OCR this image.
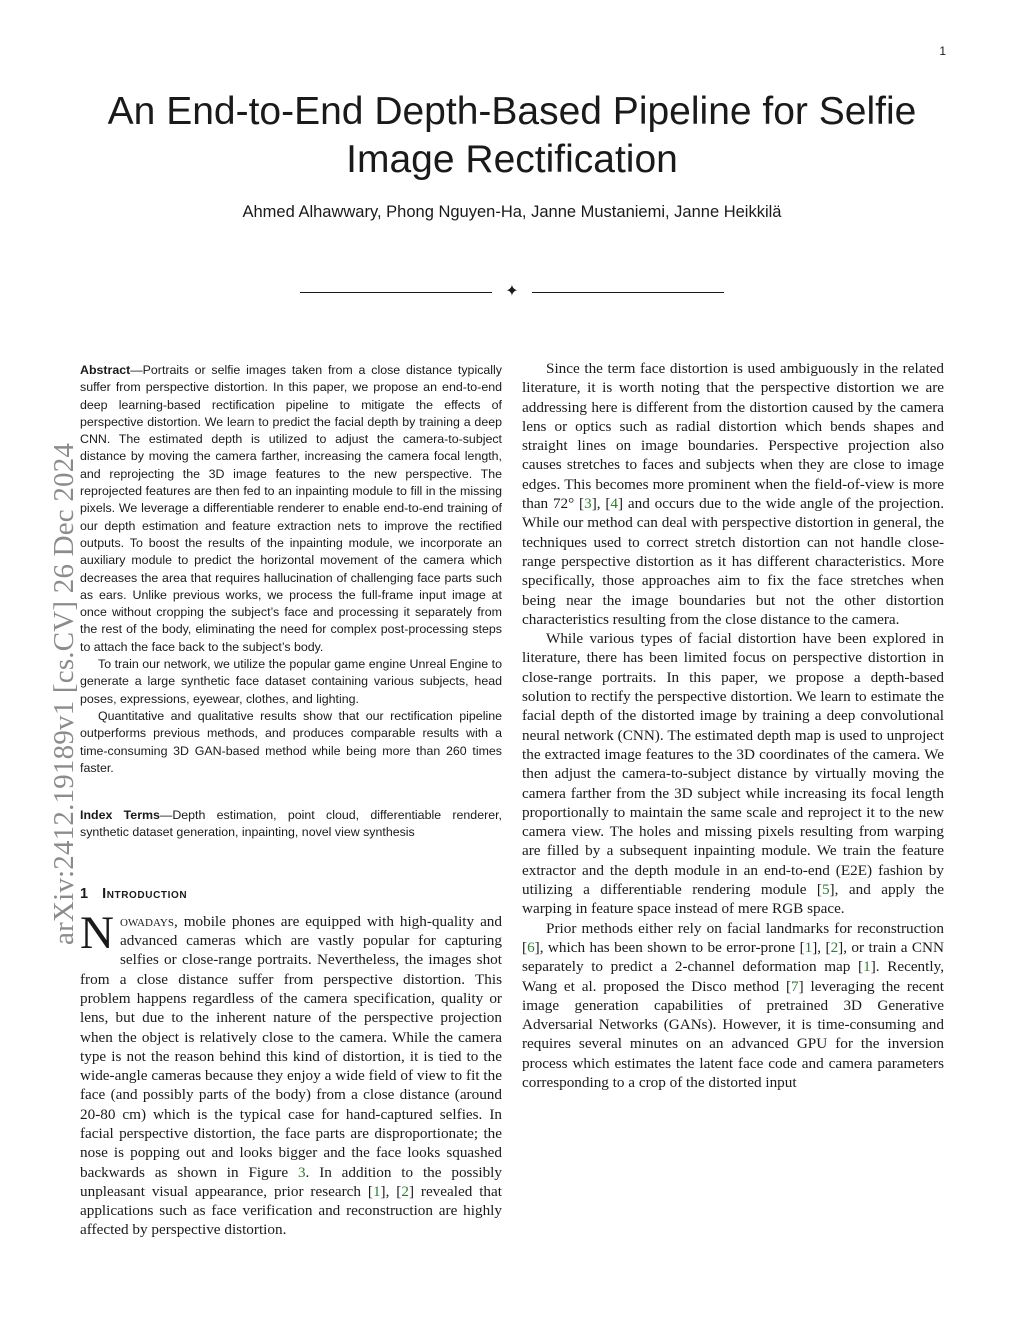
1
arXiv:2412.19189v1 [cs.CV] 26 Dec 2024
An End-to-End Depth-Based Pipeline for Selfie Image Rectification
Ahmed Alhawwary, Phong Nguyen-Ha, Janne Mustaniemi, Janne Heikkilä
✦

Abstract—Portraits or selfie images taken from a close distance typically suffer from perspective distortion. In this paper, we propose an end-to-end deep learning-based rectification pipeline to mitigate the effects of perspective distortion. We learn to predict the facial depth by training a deep CNN. The estimated depth is utilized to adjust the camera-to-subject distance by moving the camera farther, increasing the camera focal length, and reprojecting the 3D image features to the new perspective. The reprojected features are then fed to an inpainting module to fill in the missing pixels. We leverage a differentiable renderer to enable end-to-end training of our depth estimation and feature extraction nets to improve the rectified outputs. To boost the results of the inpainting module, we incorporate an auxiliary module to predict the horizontal movement of the camera which decreases the area that requires hallucination of challenging face parts such as ears. Unlike previous works, we process the full-frame input image at once without cropping the subject’s face and processing it separately from the rest of the body, eliminating the need for complex post-processing steps to attach the face back to the subject’s body.

To train our network, we utilize the popular game engine Unreal Engine to generate a large synthetic face dataset containing various subjects, head poses, expressions, eyewear, clothes, and lighting.

Quantitative and qualitative results show that our rectification pipeline outperforms previous methods, and produces comparable results with a time-consuming 3D GAN-based method while being more than 260 times faster.

Index Terms—Depth estimation, point cloud, differentiable renderer, synthetic dataset generation, inpainting, novel view synthesis

1 Introduction

Nowadays, mobile phones are equipped with high-quality and advanced cameras which are vastly popular for capturing selfies or close-range portraits. Nevertheless, the images shot from a close distance suffer from perspective distortion. This problem happens regardless of the camera specification, quality or lens, but due to the inherent nature of the perspective projection when the object is relatively close to the camera. While the camera type is not the reason behind this kind of distortion, it is tied to the wide-angle cameras because they enjoy a wide field of view to fit the face (and possibly parts of the body) from a close distance (around 20-80 cm) which is the typical case for hand-captured selfies. In facial perspective distortion, the face parts are disproportionate; the nose is popping out and looks bigger and the face looks squashed backwards as shown in Figure 3. In addition to the possibly unpleasant visual appearance, prior research [1], [2] revealed that applications such as face verification and reconstruction are highly affected by perspective distortion.

Since the term face distortion is used ambiguously in the related literature, it is worth noting that the perspective distortion we are addressing here is different from the distortion caused by the camera lens or optics such as radial distortion which bends shapes and straight lines on image boundaries. Perspective projection also causes stretches to faces and subjects when they are close to image edges. This becomes more prominent when the field-of-view is more than 72° [3], [4] and occurs due to the wide angle of the projection. While our method can deal with perspective distortion in general, the techniques used to correct stretch distortion can not handle close-range perspective distortion as it has different characteristics. More specifically, those approaches aim to fix the face stretches when being near the image boundaries but not the other distortion characteristics resulting from the close distance to the camera.

While various types of facial distortion have been explored in literature, there has been limited focus on perspective distortion in close-range portraits. In this paper, we propose a depth-based solution to rectify the perspective distortion. We learn to estimate the facial depth of the distorted image by training a deep convolutional neural network (CNN). The estimated depth map is used to unproject the extracted image features to the 3D coordinates of the camera. We then adjust the camera-to-subject distance by virtually moving the camera farther from the 3D subject while increasing its focal length proportionally to maintain the same scale and reproject it to the new camera view. The holes and missing pixels resulting from warping are filled by a subsequent inpainting module. We train the feature extractor and the depth module in an end-to-end (E2E) fashion by utilizing a differentiable rendering module [5], and apply the warping in feature space instead of mere RGB space.

Prior methods either rely on facial landmarks for reconstruction [6], which has been shown to be error-prone [1], [2], or train a CNN separately to predict a 2-channel deformation map [1]. Recently, Wang et al. proposed the Disco method [7] leveraging the recent image generation capabilities of pretrained 3D Generative Adversarial Networks (GANs). However, it is time-consuming and requires several minutes on an advanced GPU for the inversion process which estimates the latent face code and camera parameters corresponding to a crop of the distorted input
